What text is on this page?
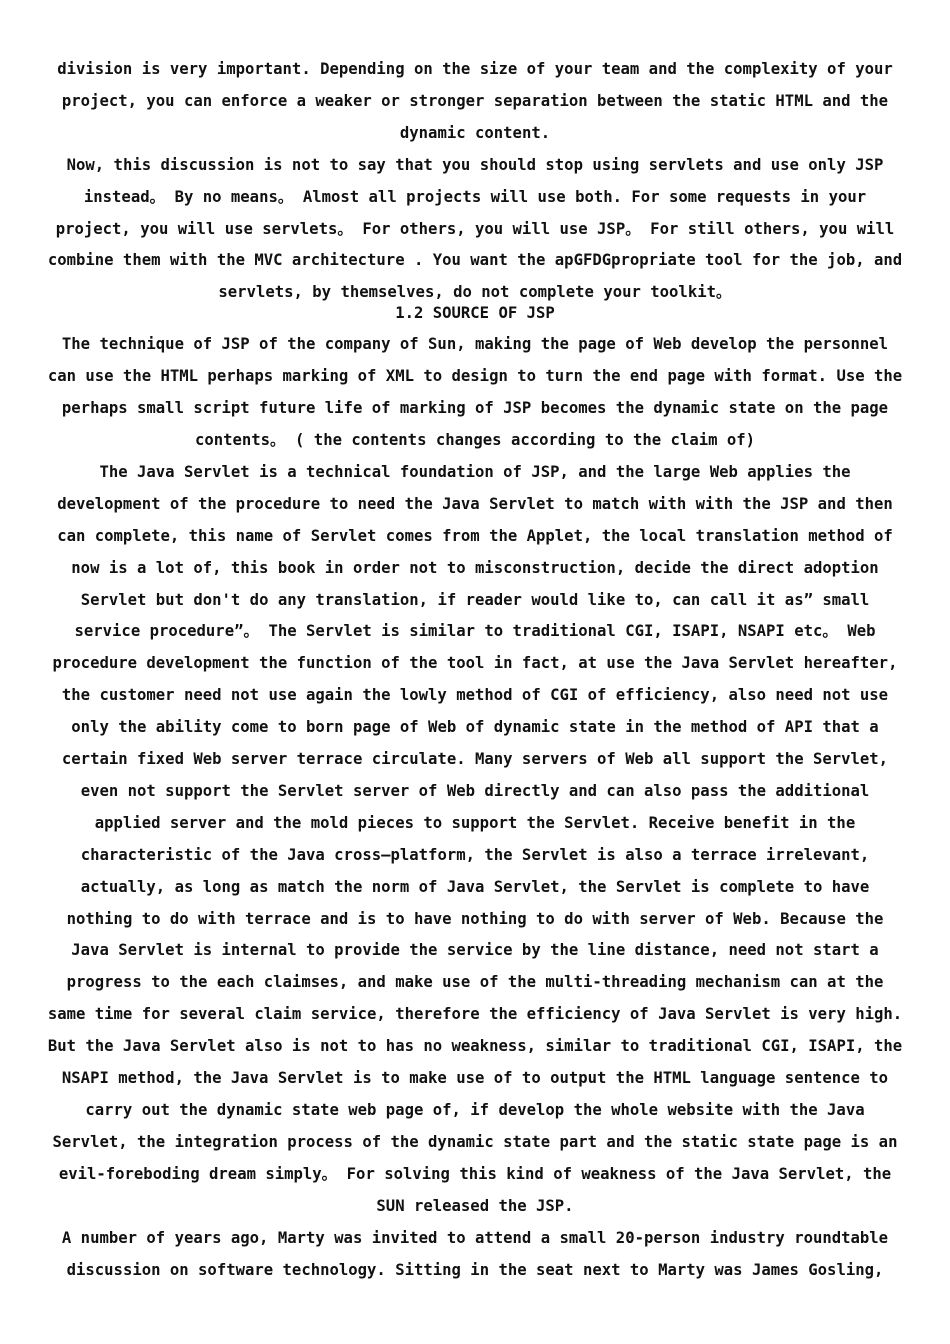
division is very important. Depending on the size of your team and the complexity of your project, you can enforce a weaker or stronger separation between the static HTML and the dynamic content.

Now, this discussion is not to say that you should stop using servlets and use only JSP instead。 By no means。 Almost all projects will use both. For some requests in your project, you will use servlets。 For others, you will use JSP。 For still others, you will combine them with the MVC architecture . You want the apGFDGpropriate tool for the job, and servlets, by themselves, do not complete your toolkit。

1.2 SOURCE OF JSP

The technique of JSP of the company of Sun, making the page of Web develop the personnel can use the HTML perhaps marking of XML to design to turn the end page with format. Use the perhaps small script future life of marking of JSP becomes the dynamic state on the page contents。 ( the contents changes according to the claim of)

The Java Servlet is a technical foundation of JSP, and the large Web applies the development of the procedure to need the Java Servlet to match with with the JSP and then can complete, this name of Servlet comes from the Applet, the local translation method of now is a lot of, this book in order not to misconstruction, decide the direct adoption Servlet but don't do any translation, if reader would like to, can call it as” small service procedure”。 The Servlet is similar to traditional CGI, ISAPI, NSAPI etc。 Web procedure development the function of the tool in fact, at use the Java Servlet hereafter, the customer need not use again the lowly method of CGI of efficiency, also need not use only the ability come to born page of Web of dynamic state in the method of API that a certain fixed Web server terrace circulate. Many servers of Web all support the Servlet, even not support the Servlet server of Web directly and can also pass the additional applied server and the mold pieces to support the Servlet. Receive benefit in the characteristic of the Java cross—platform, the Servlet is also a terrace irrelevant, actually, as long as match the norm of Java Servlet, the Servlet is complete to have nothing to do with terrace and is to have nothing to do with server of Web. Because the Java Servlet is internal to provide the service by the line distance, need not start a progress to the each claimses, and make use of the multi-threading mechanism can at the same time for several claim service, therefore the efficiency of Java Servlet is very high.

But the Java Servlet also is not to has no weakness, similar to traditional CGI, ISAPI, the NSAPI method, the Java Servlet is to make use of to output the HTML language sentence to carry out the dynamic state web page of, if develop the whole website with the Java Servlet, the integration process of the dynamic state part and the static state page is an evil-foreboding dream simply。 For solving this kind of weakness of the Java Servlet, the SUN released the JSP.

A number of years ago, Marty was invited to attend a small 20-person industry roundtable discussion on software technology. Sitting in the seat next to Marty was James Gosling,
